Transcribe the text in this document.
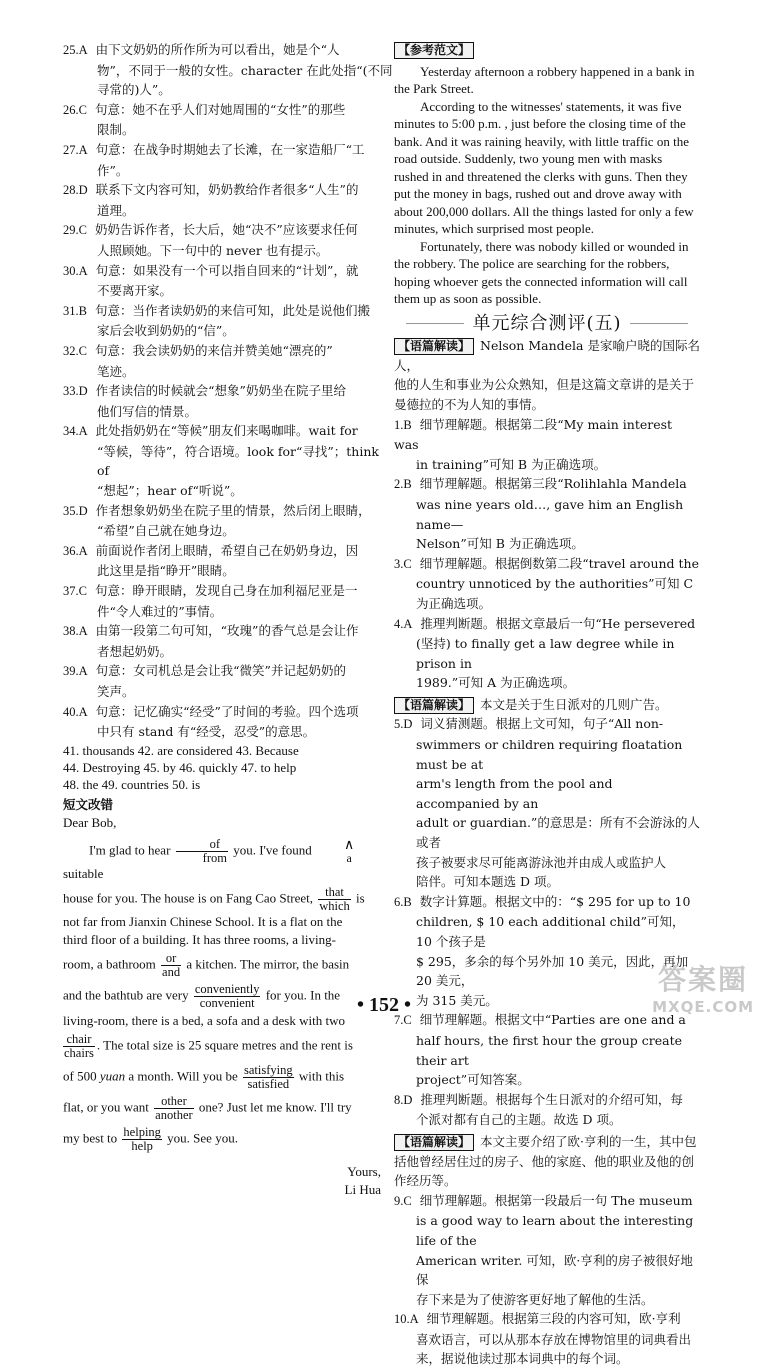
25.A 由下文奶奶的所作所为可以看出，她是个“人
物”，不同于一般的女性。character 在此处指“(不同
寻常的)人”。
26.C 句意：她不在乎人们对她周围的“女性”的那些
限制。
27.A 句意：在战争时期她去了长滩，在一家造船厂“工
作”。
28.D 联系下文内容可知，奶奶教给作者很多“人生”的
道理。
29.C 奶奶告诉作者，长大后，她“决不”应该要求任何
人照顾她。下一句中的 never 也有提示。
30.A 句意：如果没有一个可以指自回来的“计划”，就
不要离开家。
31.B 句意：当作者读奶奶的来信可知，此处是说他们搬
家后会收到奶奶的“信”。
32.C 句意：我会读奶奶的来信并赞美她“漂亮的”
笔迹。
33.D 作者读信的时候就会“想象”奶奶坐在院子里给
他们写信的情景。
34.A 此处指奶奶在“等候”朋友们来喝咖啡。wait for
“等候，等待”，符合语境。look for“寻找”；think of
“想起”；hear of“听说”。
35.D 作者想象奶奶坐在院子里的情景，然后闭上眼睛，
“希望”自己就在她身边。
36.A 前面说作者闭上眼睛，希望自己在奶奶身边，因
此这里是指“睁开”眼睛。
37.C 句意：睁开眼睛，发现自己身在加利福尼亚是一
件“令人难过的”事情。
38.A 由第一段第二句可知，“玫瑰”的香气总是会让作
者想起奶奶。
39.A 句意：女司机总是会让我“微笑”并记起奶奶的
笑声。
40.A 句意：记忆确实“经受”了时间的考验。四个选项
中只有 stand 有“经受，忍受”的意思。
41. thousands 42. are considered 43. Because
44. Destroying 45. by 46. quickly 47. to help
48. the 49. countries 50. is
短文改错

Dear Bob,

I'm glad to hear	of
from
you. I've found	∧
a
suitable

house for you. The house is on Fang Cao Street, that
which
is

not far from Jianxin Chinese School. It is a flat on the

third floor of a building. It has three rooms, a living-

room, a bathroom or
and
a kitchen. The mirror, the basin

and the bathtub are very conveniently
convenient
for you. In the

living-room, there is a bed, a sofa and a desk with two

chair
chairs
. The total size is 25 square metres and the rent is

of 500 yuan a month. Will you be satisfying
satisfied
with this

flat, or you want other
another
one? Just let me know. I'll try

my best to helping
help
you. See you.

Yours,

Li Hua

【参考范文】

Yesterday afternoon a robbery happened in a bank in the Park Street.

According to the witnesses' statements, it was five minutes to 5:00 p.m. , just before the closing time of the bank. And it was raining heavily, with little traffic on the road outside. Suddenly, two young men with masks rushed in and threatened the clerks with guns. Then they put the money in bags, rushed out and drove away with about 200,000 dollars. All the things lasted for only a few minutes, which surprised most people.

Fortunately, there was nobody killed or wounded in the robbery. The police are searching for the robbers, hoping whoever gets the connected information will call them up as soon as possible.

单元综合测评(五)
【语篇解读】 Nelson Mandela 是家喻户晓的国际名人，
他的人生和事业为公众熟知，但是这篇文章讲的是关于
曼德拉的不为人知的事情。
1.B 细节理解题。根据第二段“My main interest was
in training”可知 B 为正确选项。
2.B 细节理解题。根据第三段“Rolihlahla Mandela
was nine years old…, gave him an English name—
Nelson”可知 B 为正确选项。
3.C 细节理解题。根据倒数第二段“travel around the
country unnoticed by the authorities”可知 C 为正确选项。
4.A 推理判断题。根据文章最后一句“He persevered
(坚持) to finally get a law degree while in prison in
1989.”可知 A 为正确选项。
【语篇解读】 本文是关于生日派对的几则广告。
5.D 词义猜测题。根据上文可知，句子“All non-
swimmers or children requiring floatation must be at
arm's length from the pool and accompanied by an
adult or guardian.”的意思是：所有不会游泳的人或者
孩子被要求尽可能离游泳池并由成人或监护人
陪伴。可知本题选 D 项。
6.B 数字计算题。根据文中的：“$ 295 for up to 10
children, $ 10 each additional child”可知，10 个孩子是
$ 295，多余的每个另外加 10 美元，因此，再加 20 美元，
为 315 美元。
7.C 细节理解题。根据文中“Parties are one and a
half hours, the first hour the group create their art
project”可知答案。
8.D 推理判断题。根据每个生日派对的介绍可知，每
个派对都有自己的主题。故选 D 项。
【语篇解读】 本文主要介绍了欧·亨利的一生，其中包
括他曾经居住过的房子、他的家庭、他的职业及他的创
作经历等。
9.C 细节理解题。根据第一段最后一句 The museum
is a good way to learn about the interesting life of the
American writer. 可知，欧·亨利的房子被很好地保
存下来是为了使游客更好地了解他的生活。
10.A 细节理解题。根据第三段的内容可知，欧·亨利
喜欢语言，可以从那本存放在博物馆里的词典看出
来，据说他读过那本词典中的每个词。
• 152 •
答案圈
MXQE.COM
